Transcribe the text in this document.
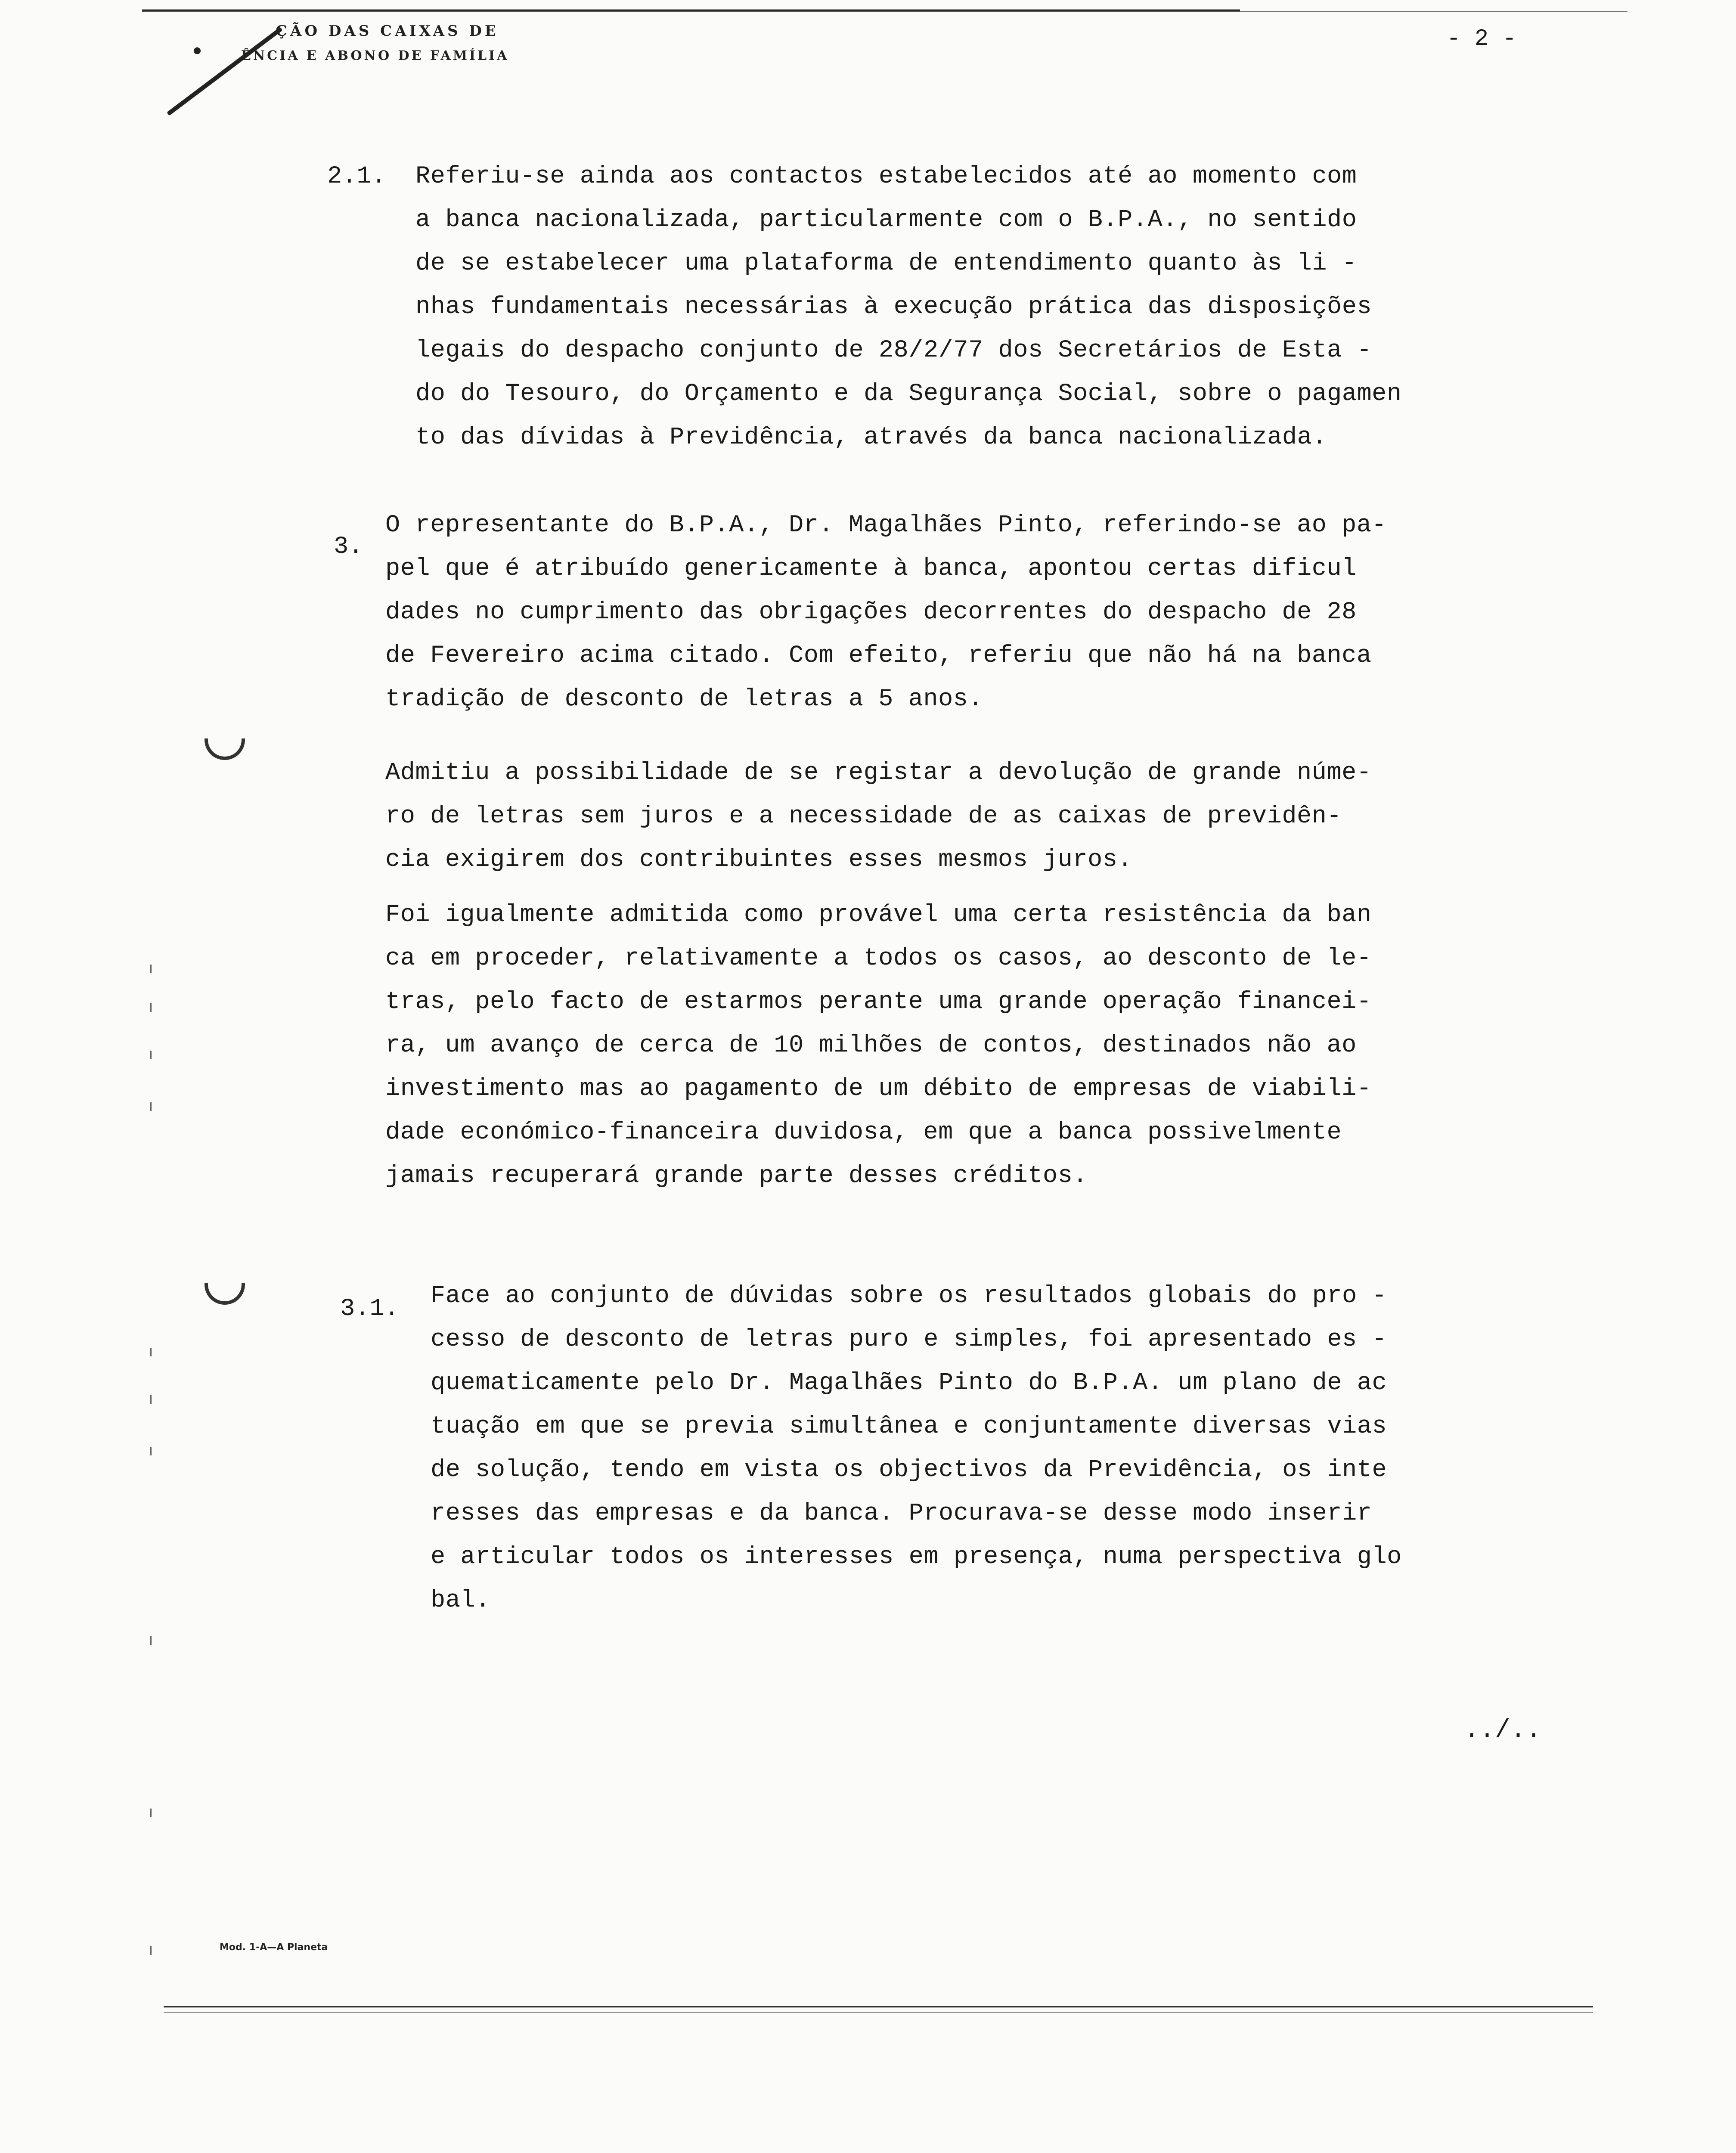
ÇÃO DAS CAIXAS DE
ÊNCIA E ABONO DE FAMÍLIA
- 2 -
2.1. Referiu-se ainda aos contactos estabelecidos até ao momento com
a banca nacionalizada, particularmente com o B.P.A., no sentido
de se estabelecer uma plataforma de entendimento quanto às li -
nhas fundamentais necessárias à execução prática das disposições
legais do despacho conjunto de 28/2/77 dos Secretários de Esta -
do do Tesouro, do Orçamento e da Segurança Social, sobre o pagamen
to das dívidas à Previdência, através da banca nacionalizada.
3.
O representante do B.P.A., Dr. Magalhães Pinto, referindo-se ao pa-
pel que é atribuído genericamente à banca, apontou certas dificul
dades no cumprimento das obrigações decorrentes do despacho de 28
de Fevereiro acima citado. Com efeito, referiu que não há na banca
tradição de desconto de letras a 5 anos.
Admitiu a possibilidade de se registar a devolução de grande núme-
ro de letras sem juros e a necessidade de as caixas de previdên-
cia exigirem dos contribuintes esses mesmos juros.
Foi igualmente admitida como provável uma certa resistência da ban
ca em proceder, relativamente a todos os casos, ao desconto de le-
tras, pelo facto de estarmos perante uma grande operação financei-
ra, um avanço de cerca de 10 milhões de contos, destinados não ao
investimento mas ao pagamento de um débito de empresas de viabili-
dade económico-financeira duvidosa, em que a banca possivelmente
jamais recuperará grande parte desses créditos.
3.1. Face ao conjunto de dúvidas sobre os resultados globais do pro -
cesso de desconto de letras puro e simples, foi apresentado es -
quematicamente pelo Dr. Magalhães Pinto do B.P.A. um plano de ac
tuação em que se previa simultânea e conjuntamente diversas vias
de solução, tendo em vista os objectivos da Previdência, os inte
resses das empresas e da banca. Procurava-se desse modo inserir
e articular todos os interesses em presença, numa perspectiva glo
bal.
../..
Mod. 1-A—A Planeta
